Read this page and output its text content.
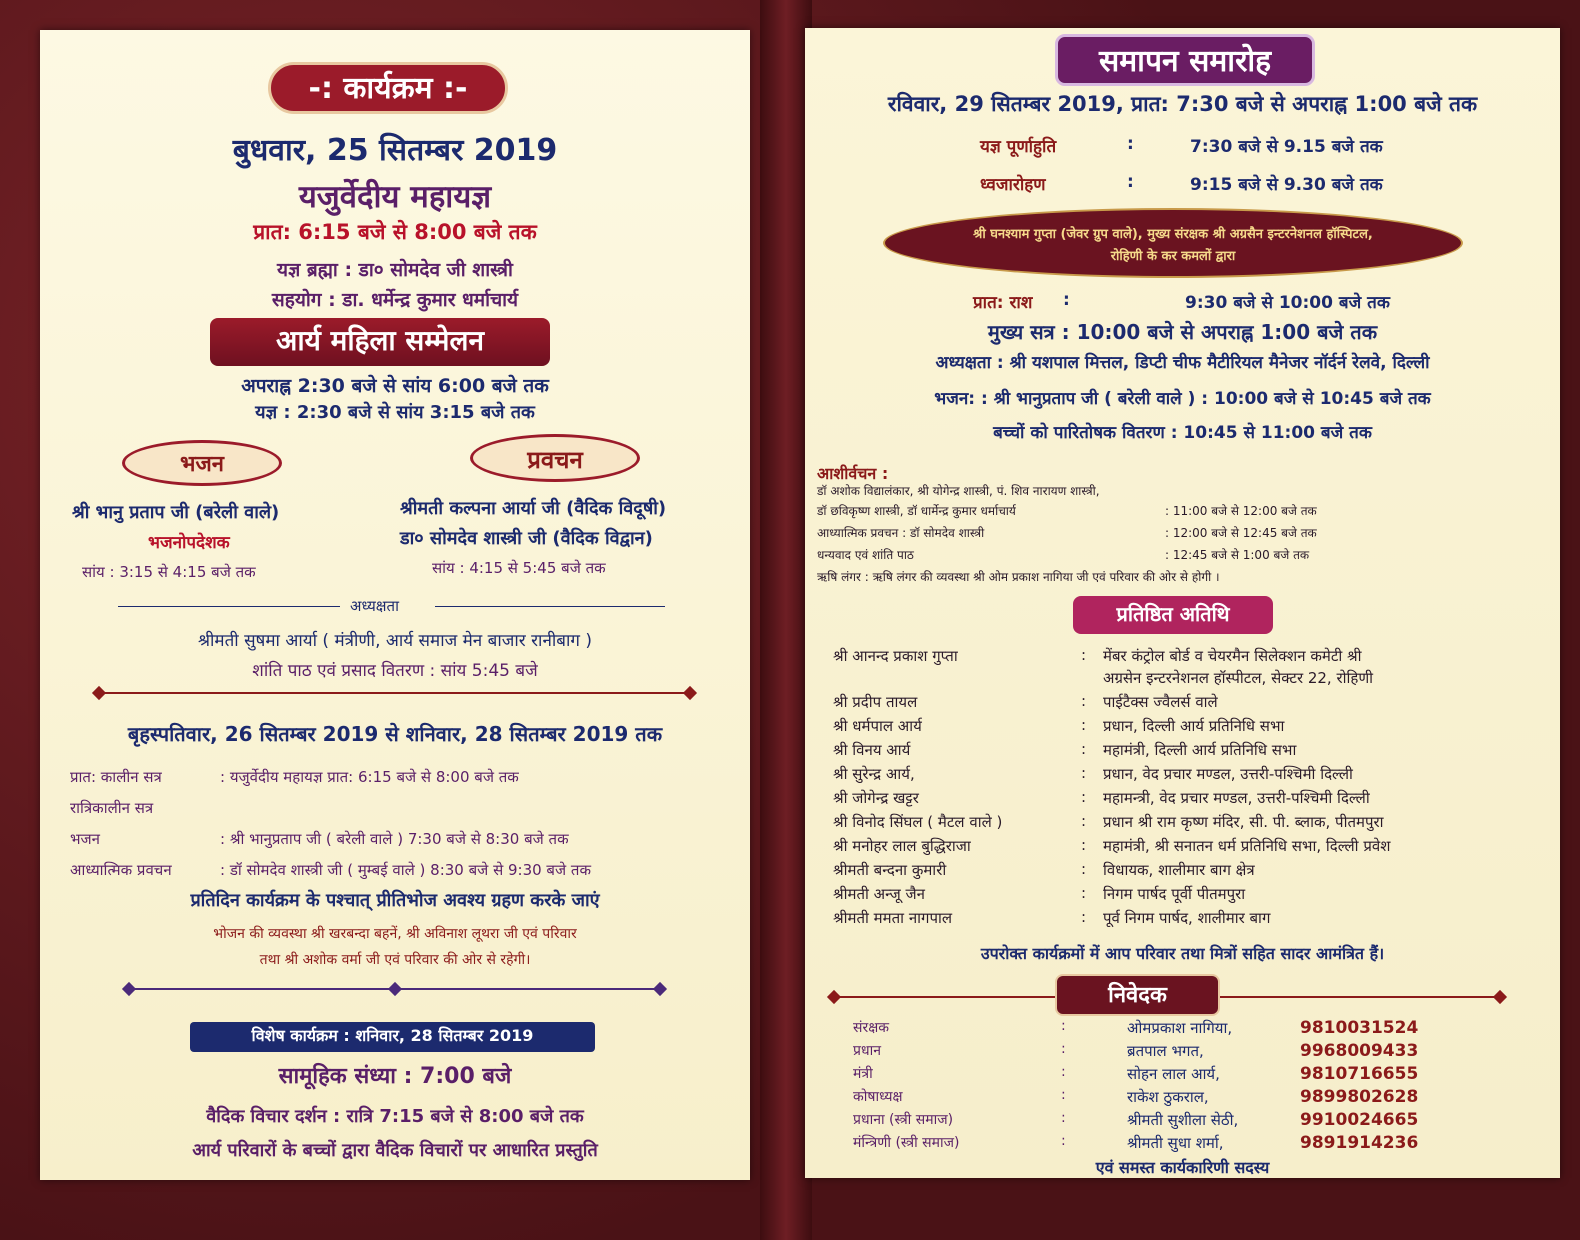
-: कार्यक्रम :-
बुधवार, 25 सितम्बर 2019
यजुर्वेदीय महायज्ञ
प्रात: 6:15 बजे से 8:00 बजे तक
यज्ञ ब्रह्मा : डा० सोमदेव जी शास्त्री
सहयोग : डा. धर्मेन्द्र कुमार धर्माचार्य
आर्य महिला सम्मेलन
अपराह्न 2:30 बजे से सांय 6:00 बजे तक
यज्ञ : 2:30 बजे से सांय 3:15 बजे तक
भजन	प्रवचन
श्री भानु प्रताप जी (बरेली वाले)
भजनोपदेशक
सांय : 3:15 से 4:15 बजे तक
श्रीमती कल्पना आर्या जी (वैदिक विदूषी)
डा० सोमदेव शास्त्री जी (वैदिक विद्वान)
सांय : 4:15 से 5:45 बजे तक
अध्यक्षता
श्रीमती सुषमा आर्या ( मंत्रीणी, आर्य समाज मेन बाजार रानीबाग )
शांति पाठ एवं प्रसाद वितरण : सांय 5:45 बजे
बृहस्पतिवार, 26 सितम्बर 2019 से शनिवार, 28 सितम्बर 2019 तक
प्रात: कालीन सत्र	: यजुर्वेदीय महायज्ञ प्रात: 6:15 बजे से 8:00 बजे तक
रात्रिकालीन सत्र
भजन	: श्री भानुप्रताप जी ( बरेली वाले ) 7:30 बजे से 8:30 बजे तक
आध्यात्मिक प्रवचन	: डॉ सोमदेव शास्त्री जी ( मुम्बई वाले ) 8:30 बजे से 9:30 बजे तक
प्रतिदिन कार्यक्रम के पश्चात् प्रीतिभोज अवश्य ग्रहण करके जाएं
भोजन की व्यवस्था श्री खरबन्दा बहनें, श्री अविनाश लूथरा जी एवं परिवार
तथा श्री अशोक वर्मा जी एवं परिवार की ओर से रहेगी।
विशेष कार्यक्रम : शनिवार, 28 सितम्बर 2019
सामूहिक संध्या : 7:00 बजे
वैदिक विचार दर्शन : रात्रि 7:15 बजे से 8:00 बजे तक
आर्य परिवारों के बच्चों द्वारा वैदिक विचारों पर आधारित प्रस्तुति
समापन समारोह
रविवार, 29 सितम्बर 2019, प्रात: 7:30 बजे से अपराह्न 1:00 बजे तक
यज्ञ पूर्णाहुति	:	7:30 बजे से 9.15 बजे तक
ध्वजारोहण	:	9:15 बजे से 9.30 बजे तक
श्री घनश्याम गुप्ता (जेवर ग्रुप वाले), मुख्य संरक्षक श्री अग्रसैन इन्टरनेशनल हॉस्पिटल,
रोहिणी के कर कमलों द्वारा
प्रात: राश :	9:30 बजे से 10:00 बजे तक
मुख्य सत्र : 10:00 बजे से अपराह्न 1:00 बजे तक
अध्यक्षता : श्री यशपाल मित्तल, डिप्टी चीफ मैटीरियल मैनेजर नॉर्दर्न रेलवे, दिल्ली
भजन: : श्री भानुप्रताप जी ( बरेली वाले ) : 10:00 बजे से 10:45 बजे तक
बच्चों को पारितोषक वितरण : 10:45 से 11:00 बजे तक
आशीर्वचन :
डॉ अशोक विद्यालंकार, श्री योगेन्द्र शास्त्री, पं. शिव नारायण शास्त्री,
डॉ छविकृष्ण शास्त्री, डॉ धार्मेन्द्र कुमार धर्माचार्य	: 11:00 बजे से 12:00 बजे तक
आध्यात्मिक प्रवचन : डॉ सोमदेव शास्त्री	: 12:00 बजे से 12:45 बजे तक
धन्यवाद एवं शांति पाठ	: 12:45 बजे से 1:00 बजे तक
ऋषि लंगर : ऋषि लंगर की व्यवस्था श्री ओम प्रकाश नागिया जी एवं परिवार की ओर से होगी ।
प्रतिष्ठित अतिथि
श्री आनन्द प्रकाश गुप्ता	: मेंबर कंट्रोल बोर्ड व चेयरमैन सिलेक्शन कमेटी श्री
अग्रसेन इन्टरनेशनल हॉस्पीटल, सेक्टर 22, रोहिणी
श्री प्रदीप तायल	: पाईटैक्स ज्वैलर्स वाले
श्री धर्मपाल आर्य	: प्रधान, दिल्ली आर्य प्रतिनिधि सभा
श्री विनय आर्य	: महामंत्री, दिल्ली आर्य प्रतिनिधि सभा
श्री सुरेन्द्र आर्य,	: प्रधान, वेद प्रचार मण्डल, उत्तरी-पश्चिमी दिल्ली
श्री जोगेन्द्र खट्टर	: महामन्त्री, वेद प्रचार मण्डल, उत्तरी-पश्चिमी दिल्ली
श्री विनोद सिंघल ( मैटल वाले )	: प्रधान श्री राम कृष्ण मंदिर, सी. पी. ब्लाक, पीतमपुरा
श्री मनोहर लाल बुद्धिराजा	: महामंत्री, श्री सनातन धर्म प्रतिनिधि सभा, दिल्ली प्रवेश
श्रीमती बन्दना कुमारी	: विधायक, शालीमार बाग क्षेत्र
श्रीमती अन्जू जैन	: निगम पार्षद पूर्वी पीतमपुरा
श्रीमती ममता नागपाल	: पूर्व निगम पार्षद, शालीमार बाग
उपरोक्त कार्यक्रमों में आप परिवार तथा मित्रों सहित सादर आमंत्रित हैं।
निवेदक
संरक्षक	:	ओमप्रकाश नागिया,	9810031524
प्रधान	:	ब्रतपाल भगत,	9968009433
मंत्री	:	सोहन लाल आर्य,	9810716655
कोषाध्यक्ष	:	राकेश ठुकराल,	9899802628
प्रधाना (स्त्री समाज)	:	श्रीमती सुशीला सेठी,	9910024665
मंन्त्रिणी (स्त्री समाज)	:	श्रीमती सुधा शर्मा,	9891914236
एवं समस्त कार्यकारिणी सदस्य
